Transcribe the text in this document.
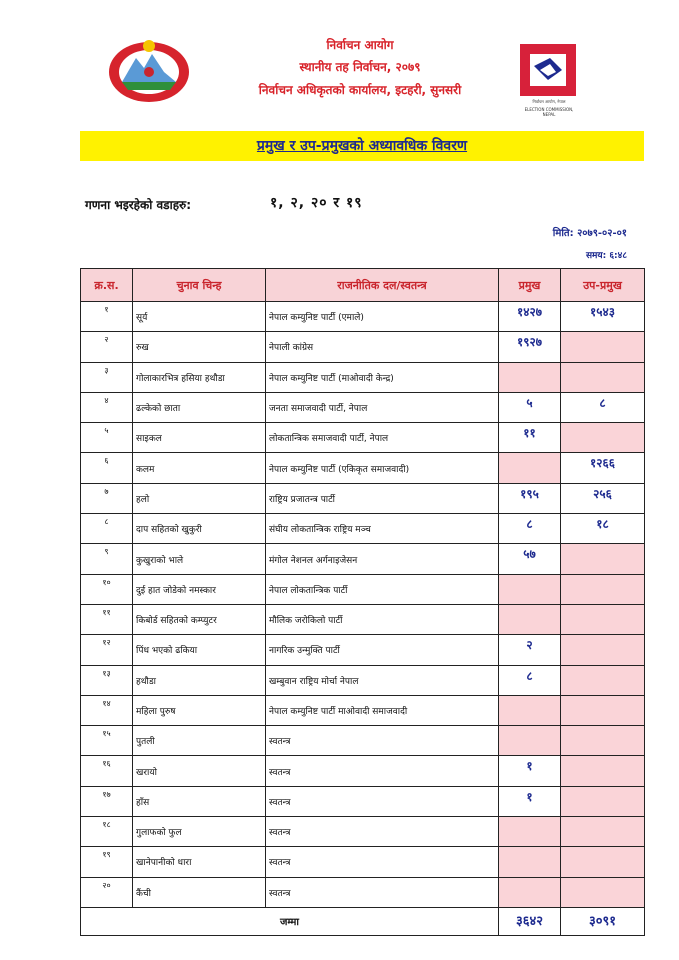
निर्वाचन आयोग
स्थानीय तह निर्वाचन, २०७९
निर्वाचन अधिकृतको कार्यालय, इटहरी, सुनसरी
निर्वाचन आयोग, नेपाल
ELECTION COMMISSION, NEPAL
प्रमुख र उप-प्रमुखको अध्यावधिक विवरण
गणना भइरहेको वडाहरु:	१, २, २० र १९
मिति: २०७९-०२-०१
समय: ६:४८
क्र.स.	चुनाव चिन्ह	राजनीतिक दल/स्वतन्त्र	प्रमुख	उप-प्रमुख
१	सूर्य	नेपाल कम्युनिष्ट पार्टी (एमाले)	१४२७	१५४३
२	रुख	नेपाली कांग्रेस	१९२७	
३	गोलाकारभित्र हसिया हथौडा	नेपाल कम्युनिष्ट पार्टी (माओवादी केन्द्र)		
४	ढल्केको छाता	जनता समाजवादी पार्टी, नेपाल	५	८
५	साइकल	लोकतान्त्रिक समाजवादी पार्टी, नेपाल	११	
६	कलम	नेपाल कम्युनिष्ट पार्टी (एकिकृत समाजवादी)		१२६६
७	हलो	राष्ट्रिय प्रजातन्त्र पार्टी	१९५	२५६
८	दाप सहितको खुकुरी	संघीय लोकतान्त्रिक राष्ट्रिय मञ्च	८	१८
९	कुखुराको भाले	मंगोल नेशनल अर्गनाइजेसन	५७	
१०	दुई हात जोडेको नमस्कार	नेपाल लोकतान्त्रिक पार्टी		
११	किबोर्ड सहितको कम्प्युटर	मौलिक जरोकिलो पार्टी		
१२	पिंध भएको ढकिया	नागरिक उन्मुक्ति पार्टी	२	
१३	हथौडा	खम्बुवान राष्ट्रिय मोर्चा नेपाल	८	
१४	महिला पुरुष	नेपाल कम्युनिष्ट पार्टी माओवादी समाजवादी		
१५	पुतली	स्वतन्त्र		
१६	खरायो	स्वतन्त्र	१	
१७	हाँस	स्वतन्त्र	१	
१८	गुलाफको फुल	स्वतन्त्र		
१९	खानेपानीको धारा	स्वतन्त्र		
२०	कैंची	स्वतन्त्र		
जम्मा			३६४२	३०९१
